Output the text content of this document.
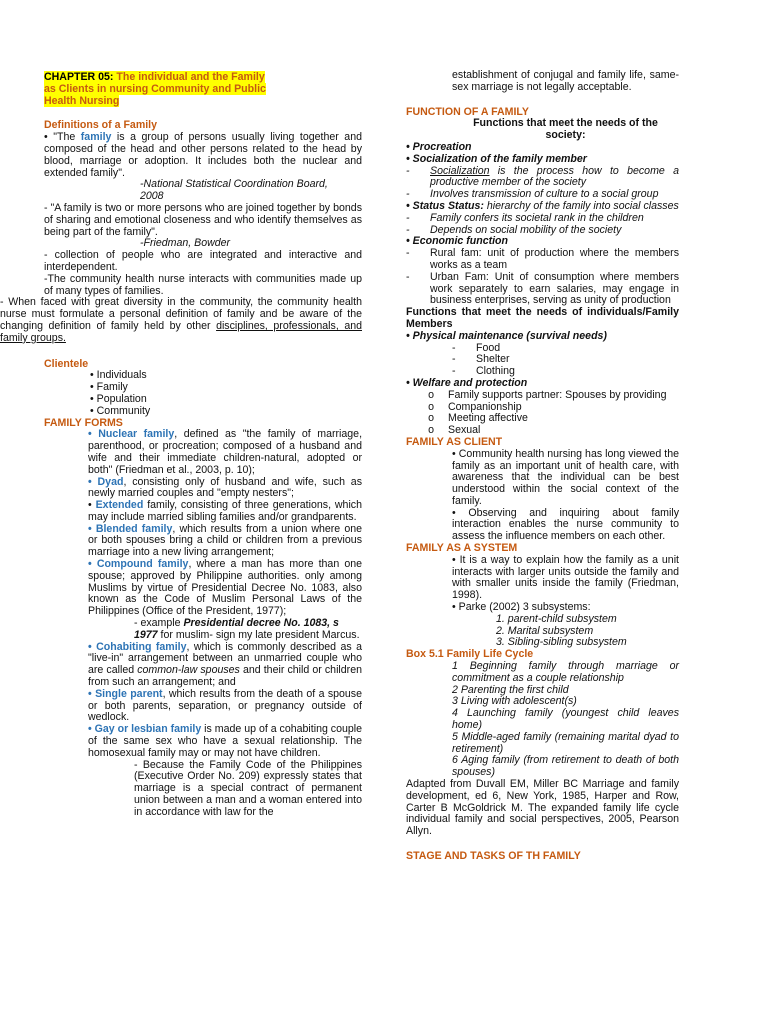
CHAPTER 05: The individual and the Family
as Clients in nursing Community and Public
Health Nursing

Definitions of a Family

• "The family is a group of persons usually living together and composed of the head and other persons related to the head by blood, marriage or adoption. It includes both the nuclear and extended family".

-National Statistical Coordination Board,
2008

- "A family is two or more persons who are joined together by bonds of sharing and emotional closeness and who identify themselves as being part of the family".

-Friedman, Bowder

- collection of people who are integrated and interactive and interdependent.

-The community health nurse interacts with communities made up of many types of families.

- When faced with great diversity in the community, the community health nurse must formulate a personal definition of family and be aware of the changing definition of family held by other disciplines, professionals, and family groups.

Clientele

• Individuals

• Family

• Population

• Community

FAMILY FORMS

• Nuclear family, defined as "the family of marriage, parenthood, or procreation; composed of a husband and wife and their immediate children-natural, adopted or both" (Friedman et al., 2003, p. 10);

• Dyad, consisting only of husband and wife, such as newly married couples and "empty nesters";

• Extended family, consisting of three generations, which may include married sibling families and/or grandparents.

• Blended family, which results from a union where one or both spouses bring a child or children from a previous marriage into a new living arrangement;

• Compound family, where a man has more than one spouse; approved by Philippine authorities. only among Muslims by virtue of Presidential Decree No. 1083, also known as the Code of Muslim Personal Laws of the Philippines (Office of the President, 1977);

- example Presidential decree No. 1083, s 1977 for muslim- sign my late president Marcus.

• Cohabiting family, which is commonly described as a "live-in" arrangement between an unmarried couple who are called common-law spouses and their child or children from such an arrangement; and

• Single parent, which results from the death of a spouse or both parents, separation, or pregnancy outside of wedlock.

• Gay or lesbian family is made up of a cohabiting couple of the same sex who have a sexual relationship. The homosexual family may or may not have children.

- Because the Family Code of the Philippines (Executive Order No. 209) expressly states that marriage is a special contract of permanent union between a man and a woman entered into in accordance with law for the

establishment of conjugal and family life, same-sex marriage is not legally acceptable.

FUNCTION OF A FAMILY

Functions that meet the needs of the society:

• Procreation

• Socialization of the family member

-	Socialization is the process how to become a productive member of the society
-	Involves transmission of culture to a social group

• Status Status: hierarchy of the family into social classes

-	Family confers its societal rank in the children
-	Depends on social mobility of the society

• Economic function

-	Rural fam: unit of production where the members works as a team
-	Urban Fam: Unit of consumption where members work separately to earn salaries, may engage in business enterprises, serving as unity of production

Functions that meet the needs of individuals/Family Members

• Physical maintenance (survival needs)

-	Food
-	Shelter
-	Clothing

• Welfare and protection

o	Family supports partner: Spouses by providing
o	Companionship
o	Meeting affective
o	Sexual

FAMILY AS CLIENT

• Community health nursing has long viewed the family as an important unit of health care, with awareness that the individual can be best understood within the social context of the family.

• Observing and inquiring about family interaction enables the nurse community to assess the influence members on each other.

FAMILY AS A SYSTEM

• It is a way to explain how the family as a unit interacts with larger units outside the family and with smaller units inside the family (Friedman, 1998).

• Parke (2002) 3 subsystems:

1. parent-child subsystem

2. Marital subsystem

3. Sibling-sibling subsystem

Box 5.1 Family Life Cycle

1 Beginning family through marriage or commitment as a couple relationship

2 Parenting the first child

3 Living with adolescent(s)

4 Launching family (youngest child leaves home)

5 Middle-aged family (remaining marital dyad to retirement)

6 Aging family (from retirement to death of both spouses)

Adapted from Duvall EM, Miller BC Marriage and family development, ed 6, New York, 1985, Harper and Row, Carter B McGoldrick M. The expanded family life cycle individual family and social perspectives, 2005, Pearson Allyn.

STAGE AND TASKS OF TH FAMILY
